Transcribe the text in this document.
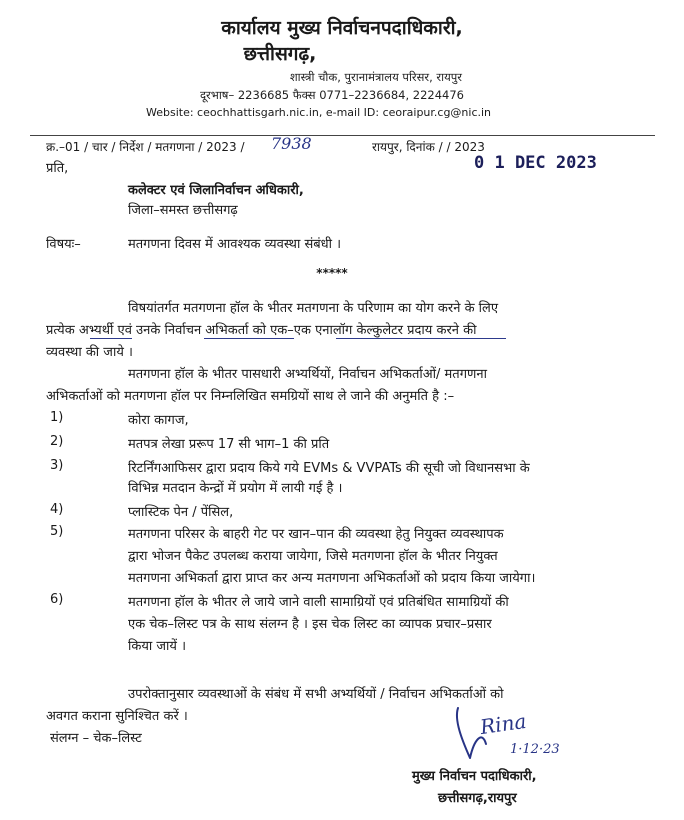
कार्यालय मुख्य निर्वाचनपदाधिकारी,
छत्तीसगढ़,
शास्त्री चौक, पुरानामंत्रालय परिसर, रायपुर
दूरभाष– 2236685 फैक्स 0771–2236684, 2224476
Website: ceochhattisgarh.nic.in, e-mail ID: ceoraipur.cg@nic.in
क्र.–01 / चार / निर्देश / मतगणना / 2023 / 7938	रायपुर, दिनांक / / 2023
0 1 DEC 2023
प्रति,
कलेक्टर एवं जिलानिर्वाचन अधिकारी,
जिला–समस्त छत्तीसगढ़
विषयः–	मतगणना दिवस में आवश्यक व्यवस्था संबंधी ।
*****
विषयांतर्गत मतगणना हॉल के भीतर मतगणना के परिणाम का योग करने के लिए
प्रत्येक अभ्यर्थी एवं उनके निर्वाचन अभिकर्ता को एक–एक एनालॉग केल्कुलेटर प्रदाय करने की
व्यवस्था की जाये ।
मतगणना हॉल के भीतर पासधारी अभ्यर्थियों, निर्वाचन अभिकर्ताओं/ मतगणना
अभिकर्ताओं को मतगणना हॉल पर निम्नलिखित समग्रियों साथ ले जाने की अनुमति है :–
1)	कोरा कागज,
2)	मतपत्र लेखा प्ररूप 17 सी भाग–1 की प्रति
3)	रिटर्निंगआफिसर द्वारा प्रदाय किये गये EVMs & VVPATs की सूची जो विधानसभा के
विभिन्न मतदान केन्द्रों में प्रयोग में लायी गई है ।
4)	प्लास्टिक पेन / पेंसिल,
5)	मतगणना परिसर के बाहरी गेट पर खान–पान की व्यवस्था हेतु नियुक्त व्यवस्थापक
द्वारा भोजन पैकेट उपलब्ध कराया जायेगा, जिसे मतगणना हॉल के भीतर नियुक्त
मतगणना अभिकर्ता द्वारा प्राप्त कर अन्य मतगणना अभिकर्ताओं को प्रदाय किया जायेगा।
6)	मतगणना हॉल के भीतर ले जाये जाने वाली सामाग्रियों एवं प्रतिबंधित सामाग्रियों की
एक चेक–लिस्ट पत्र के साथ संलग्न है । इस चेक लिस्ट का व्यापक प्रचार–प्रसार
किया जायें ।
उपरोक्तानुसार व्यवस्थाओं के संबंध में सभी अभ्यर्थियों / निर्वाचन अभिकर्ताओं को
अवगत कराना सुनिश्चित करें ।
संलग्न – चेक–लिस्ट	Rina
1·12·23
मुख्य निर्वाचन पदाधिकारी,
छत्तीसगढ़,रायपुर
